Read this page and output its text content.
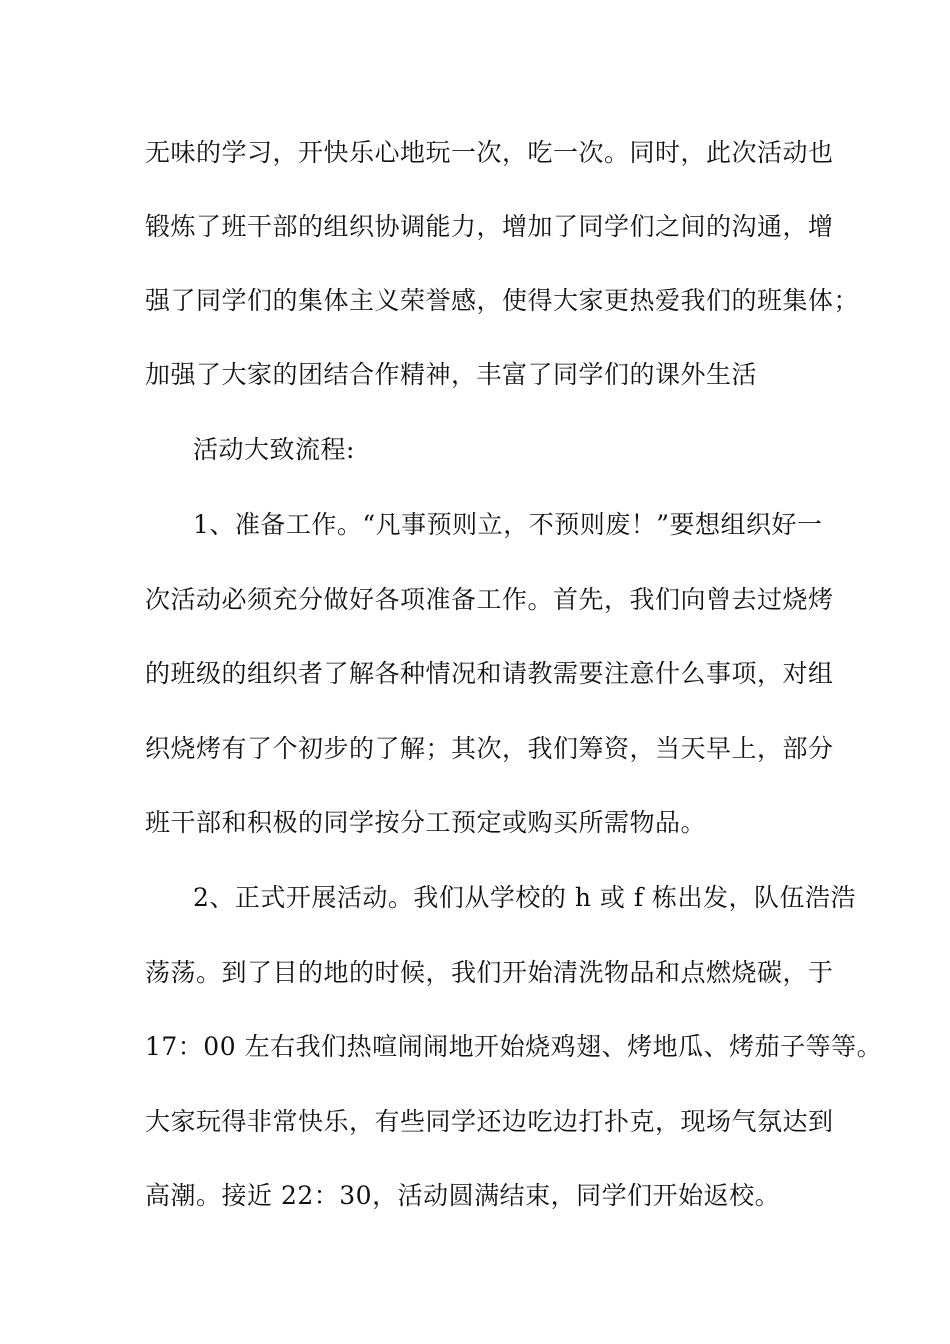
无味的学习，开快乐心地玩一次，吃一次。同时，此次活动也
锻炼了班干部的组织协调能力，增加了同学们之间的沟通，增
强了同学们的集体主义荣誉感，使得大家更热爱我们的班集体；
加强了大家的团结合作精神，丰富了同学们的课外生活
活动大致流程:
1、准备工作。“凡事预则立，不预则废！”要想组织好一
次活动必须充分做好各项准备工作。首先，我们向曾去过烧烤
的班级的组织者了解各种情况和请教需要注意什么事项，对组
织烧烤有了个初步的了解；其次，我们筹资，当天早上，部分
班干部和积极的同学按分工预定或购买所需物品。
2、正式开展活动。我们从学校的 h 或 f 栋出发，队伍浩浩
荡荡。到了目的地的时候，我们开始清洗物品和点燃烧碳，于
17：00 左右我们热喧闹闹地开始烧鸡翅、烤地瓜、烤茄子等等。
大家玩得非常快乐，有些同学还边吃边打扑克，现场气氛达到
高潮。接近 22：30，活动圆满结束，同学们开始返校。
